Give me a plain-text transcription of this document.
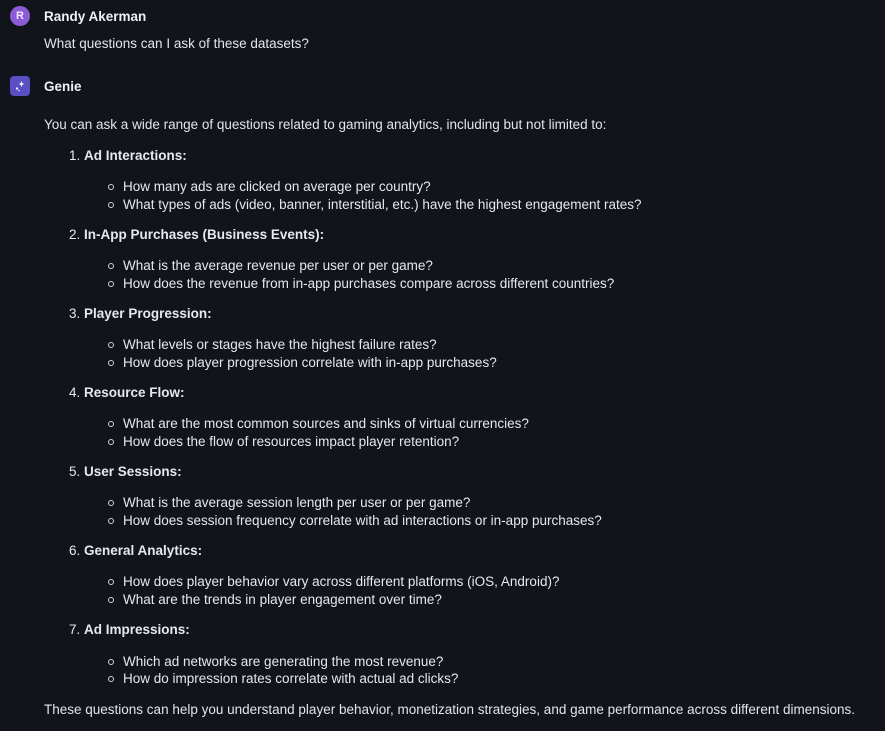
R Randy Akerman
What questions can I ask of these datasets?
Genie
You can ask a wide range of questions related to gaming analytics, including but not limited to:
1. Ad Interactions:
How many ads are clicked on average per country?
What types of ads (video, banner, interstitial, etc.) have the highest engagement rates?
2. In-App Purchases (Business Events):
What is the average revenue per user or per game?
How does the revenue from in-app purchases compare across different countries?
3. Player Progression:
What levels or stages have the highest failure rates?
How does player progression correlate with in-app purchases?
4. Resource Flow:
What are the most common sources and sinks of virtual currencies?
How does the flow of resources impact player retention?
5. User Sessions:
What is the average session length per user or per game?
How does session frequency correlate with ad interactions or in-app purchases?
6. General Analytics:
How does player behavior vary across different platforms (iOS, Android)?
What are the trends in player engagement over time?
7. Ad Impressions:
Which ad networks are generating the most revenue?
How do impression rates correlate with actual ad clicks?
These questions can help you understand player behavior, monetization strategies, and game performance across different dimensions.
